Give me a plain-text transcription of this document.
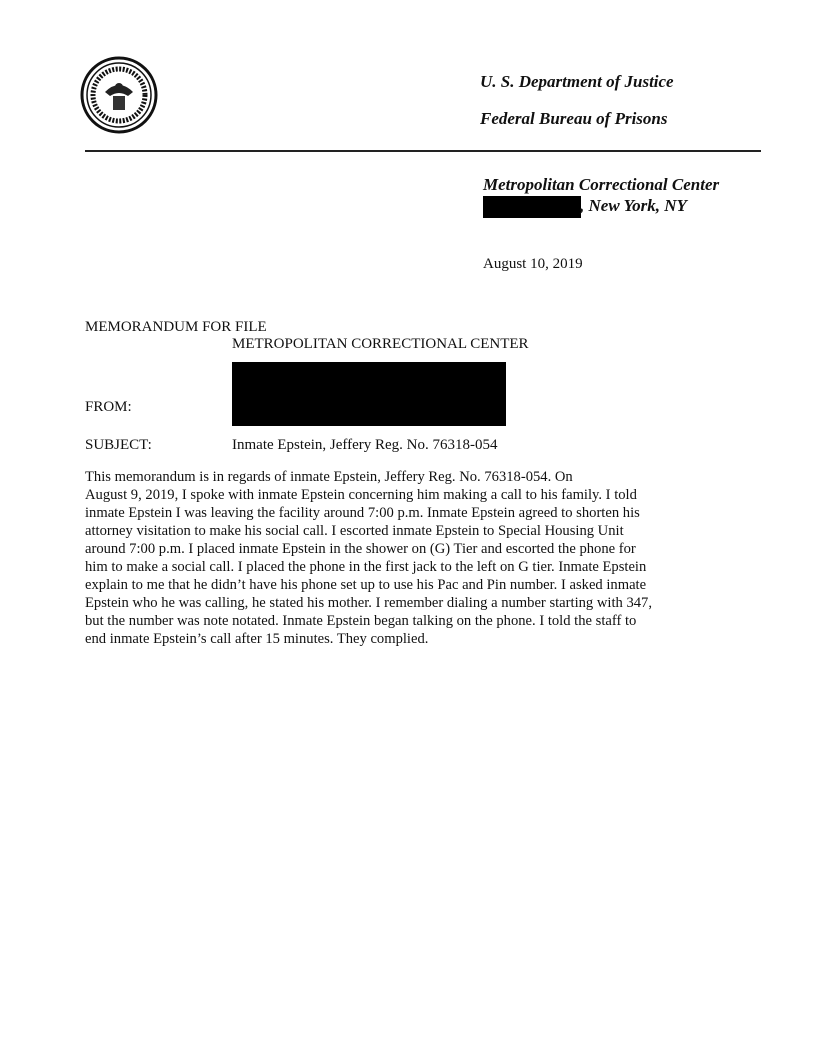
U. S. Department of Justice
Federal Bureau of Prisons
Metropolitan Correctional Center
, New York, NY
August 10, 2019
MEMORANDUM FOR FILE
METROPOLITAN CORRECTIONAL CENTER
FROM:
SUBJECT:	Inmate Epstein, Jeffery Reg. No. 76318-054
This memorandum is in regards of inmate Epstein, Jeffery Reg. No. 76318-054. On
August 9, 2019, I spoke with inmate Epstein concerning him making a call to his family. I told
inmate Epstein I was leaving the facility around 7:00 p.m. Inmate Epstein agreed to shorten his
attorney visitation to make his social call. I escorted inmate Epstein to Special Housing Unit
around 7:00 p.m. I placed inmate Epstein in the shower on (G) Tier and escorted the phone for
him to make a social call. I placed the phone in the first jack to the left on G tier. Inmate Epstein
explain to me that he didn’t have his phone set up to use his Pac and Pin number. I asked inmate
Epstein who he was calling, he stated his mother. I remember dialing a number starting with 347,
but the number was note notated. Inmate Epstein began talking on the phone. I told the staff to
end inmate Epstein’s call after 15 minutes. They complied.
